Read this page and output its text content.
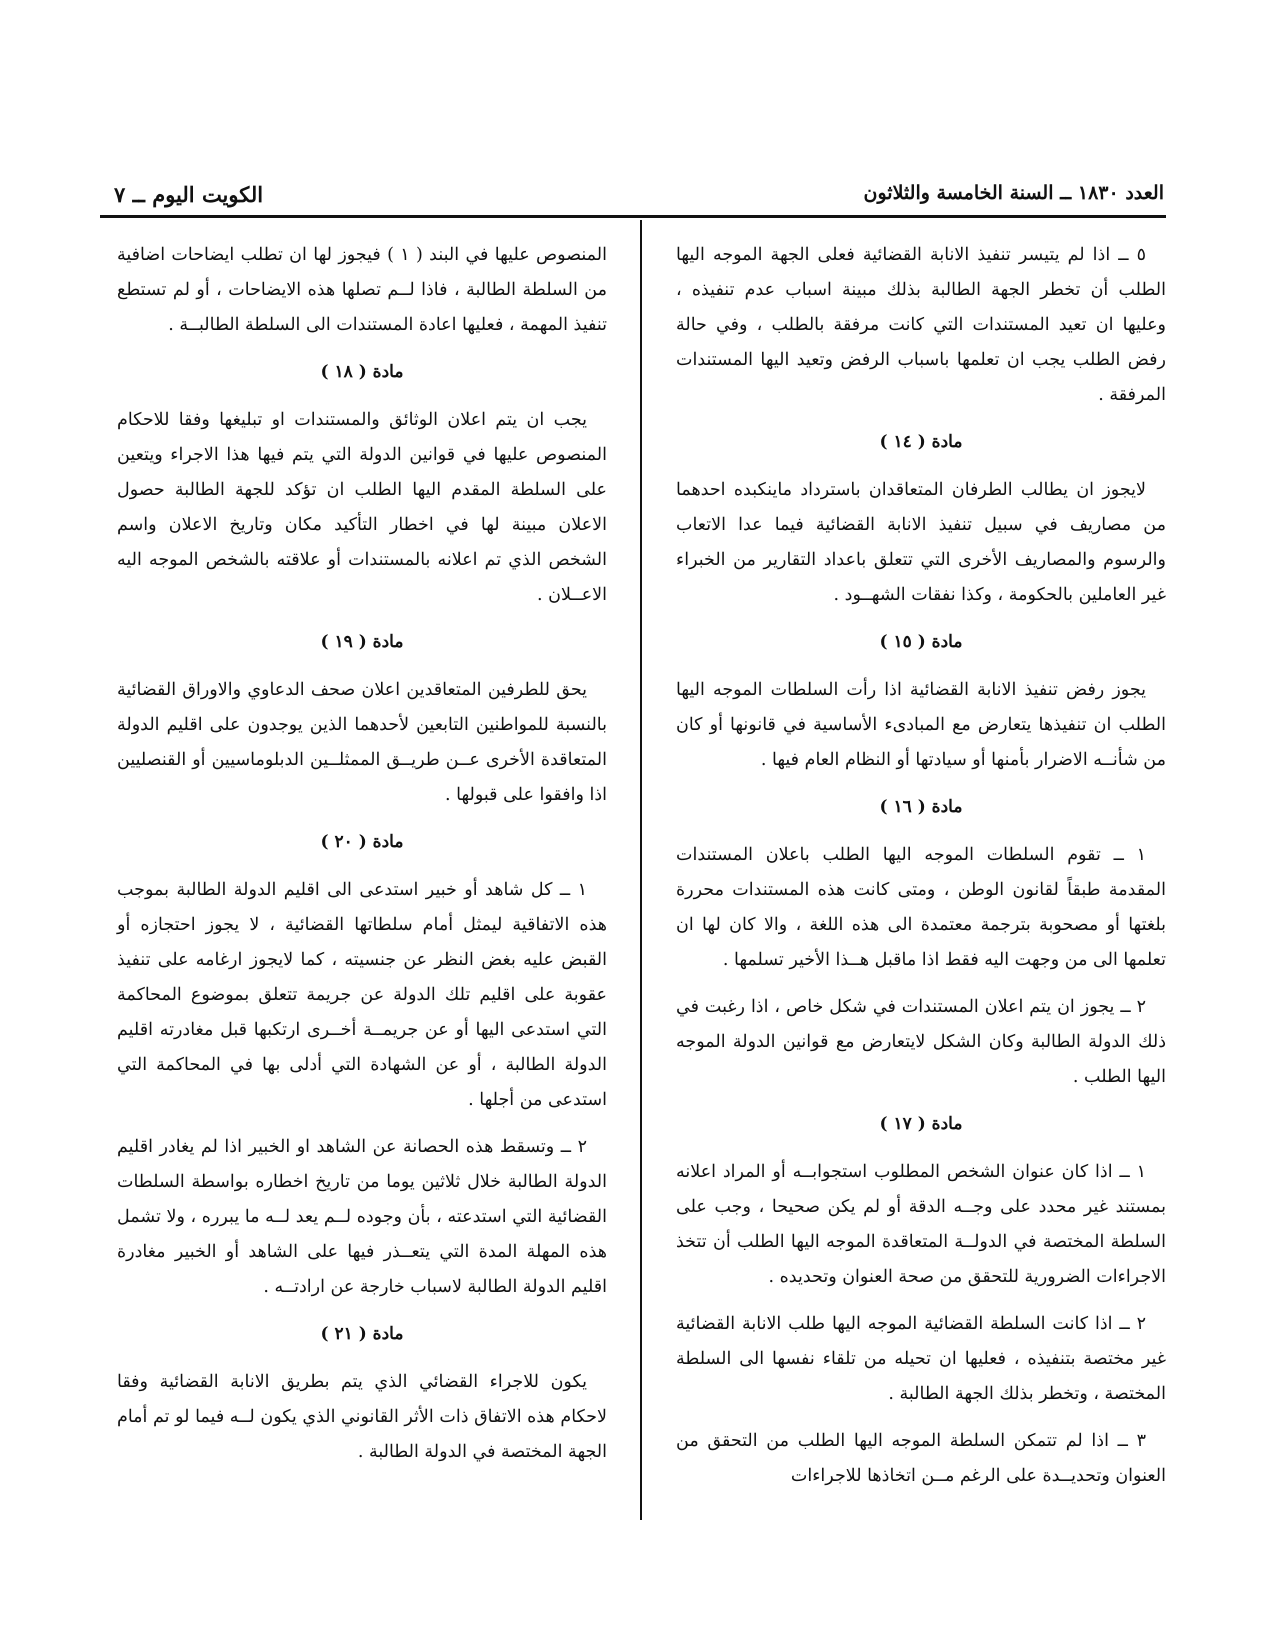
العدد ١٨٣٠ ــ السنة الخامسة والثلاثون
الكويت اليوم ــ ٧

٥ ــ اذا لم يتيسر تنفيذ الانابة القضائية فعلى الجهة الموجه اليها الطلب أن تخطر الجهة الطالبة بذلك مبينة اسباب عدم تنفيذه ، وعليها ان تعيد المستندات التي كانت مرفقة بالطلب ، وفي حالة رفض الطلب يجب ان تعلمها باسباب الرفض وتعيد اليها المستندات المرفقة .

مادة ( ١٤ )

لايجوز ان يطالب الطرفان المتعاقدان باسترداد ماينكبده احدهما من مصاريف في سبيل تنفيذ الانابة القضائية فيما عدا الاتعاب والرسوم والمصاريف الأخرى التي تتعلق باعداد التقارير من الخبراء غير العاملين بالحكومة ، وكذا نفقات الشهــود .

مادة ( ١٥ )

يجوز رفض تنفيذ الانابة القضائية اذا رأت السلطات الموجه اليها الطلب ان تنفيذها يتعارض مع المبادىء الأساسية في قانونها أو كان من شأنــه الاضرار بأمنها أو سيادتها أو النظام العام فيها .

مادة ( ١٦ )

١ ــ تقوم السلطات الموجه اليها الطلب باعلان المستندات المقدمة طبقاً لقانون الوطن ، ومتى كانت هذه المستندات محررة بلغتها أو مصحوبة بترجمة معتمدة الى هذه اللغة ، والا كان لها ان تعلمها الى من وجهت اليه فقط اذا ماقبل هــذا الأخير تسلمها .

٢ ــ يجوز ان يتم اعلان المستندات في شكل خاص ، اذا رغبت في ذلك الدولة الطالبة وكان الشكل لايتعارض مع قوانين الدولة الموجه اليها الطلب .

مادة ( ١٧ )

١ ــ اذا كان عنوان الشخص المطلوب استجوابــه أو المراد اعلانه بمستند غير محدد على وجــه الدقة أو لم يكن صحيحا ، وجب على السلطة المختصة في الدولــة المتعاقدة الموجه اليها الطلب أن تتخذ الاجراءات الضرورية للتحقق من صحة العنوان وتحديده .

٢ ــ اذا كانت السلطة القضائية الموجه اليها طلب الانابة القضائية غير مختصة بتنفيذه ، فعليها ان تحيله من تلقاء نفسها الى السلطة المختصة ، وتخطر بذلك الجهة الطالبة .

٣ ــ اذا لم تتمكن السلطة الموجه اليها الطلب من التحقق من العنوان وتحديــدة على الرغم مــن اتخاذها للاجراءات

المنصوص عليها في البند ( ١ ) فيجوز لها ان تطلب ايضاحات اضافية من السلطة الطالبة ، فاذا لــم تصلها هذه الايضاحات ، أو لم تستطع تنفيذ المهمة ، فعليها اعادة المستندات الى السلطة الطالبــة .

مادة ( ١٨ )

يجب ان يتم اعلان الوثائق والمستندات او تبليغها وفقا للاحكام المنصوص عليها في قوانين الدولة التي يتم فيها هذا الاجراء ويتعين على السلطة المقدم اليها الطلب ان تؤكد للجهة الطالبة حصول الاعلان مبينة لها في اخطار التأكيد مكان وتاريخ الاعلان واسم الشخص الذي تم اعلانه بالمستندات أو علاقته بالشخص الموجه اليه الاعــلان .

مادة ( ١٩ )

يحق للطرفين المتعاقدين اعلان صحف الدعاوي والاوراق القضائية بالنسبة للمواطنين التابعين لأحدهما الذين يوجدون على اقليم الدولة المتعاقدة الأخرى عــن طريــق الممثلــين الدبلوماسيين أو القنصليين اذا وافقوا على قبولها .

مادة ( ٢٠ )

١ ــ كل شاهد أو خبير استدعى الى اقليم الدولة الطالبة بموجب هذه الاتفاقية ليمثل أمام سلطاتها القضائية ، لا يجوز احتجازه أو القبض عليه بغض النظر عن جنسيته ، كما لايجوز ارغامه على تنفيذ عقوبة على اقليم تلك الدولة عن جريمة تتعلق بموضوع المحاكمة التي استدعى اليها أو عن جريمــة أخــرى ارتكبها قبل مغادرته اقليم الدولة الطالبة ، أو عن الشهادة التي أدلى بها في المحاكمة التي استدعى من أجلها .

٢ ــ وتسقط هذه الحصانة عن الشاهد او الخبير اذا لم يغادر اقليم الدولة الطالبة خلال ثلاثين يوما من تاريخ اخطاره بواسطة السلطات القضائية التي استدعته ، بأن وجوده لــم يعد لــه ما يبرره ، ولا تشمل هذه المهلة المدة التي يتعــذر فيها على الشاهد أو الخبير مغادرة اقليم الدولة الطالبة لاسباب خارجة عن ارادتــه .

مادة ( ٢١ )

يكون للاجراء القضائي الذي يتم بطريق الانابة القضائية وفقا لاحكام هذه الاتفاق ذات الأثر القانوني الذي يكون لــه فيما لو تم أمام الجهة المختصة في الدولة الطالبة .
